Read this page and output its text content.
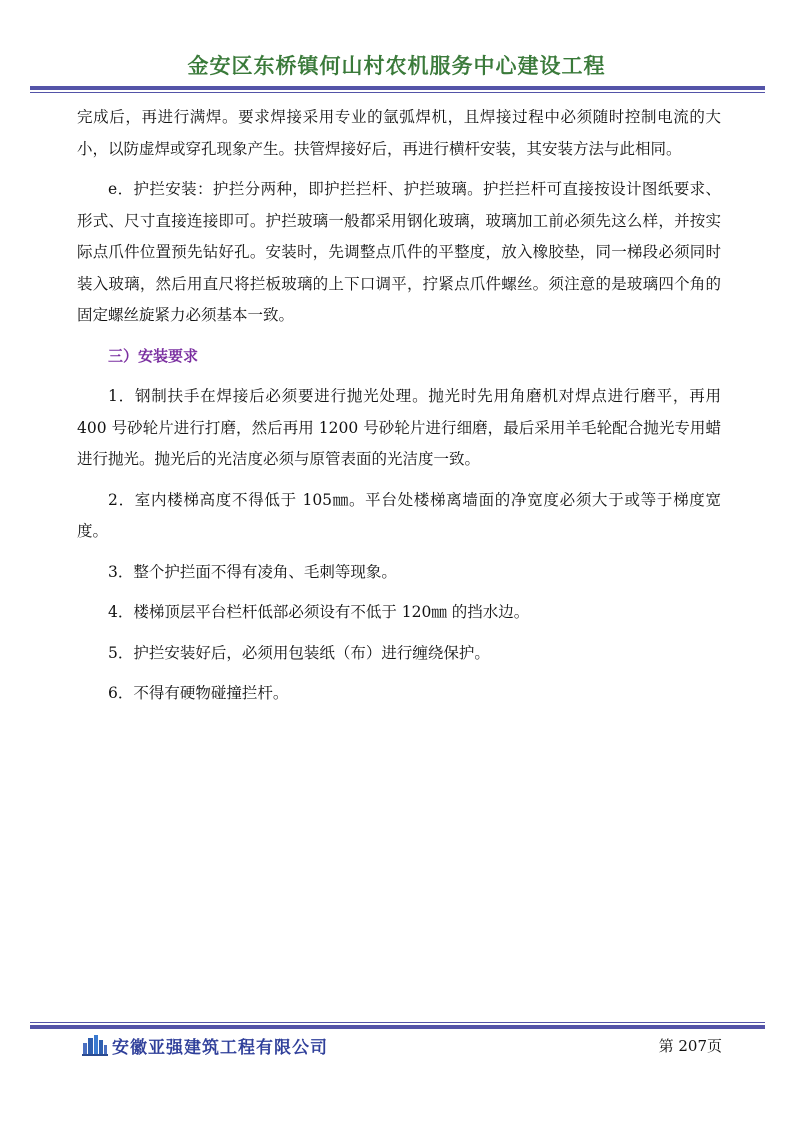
金安区东桥镇何山村农机服务中心建设工程

完成后，再进行满焊。要求焊接采用专业的氩弧焊机，且焊接过程中必须随时控制电流的大小，以防虚焊或穿孔现象产生。扶管焊接好后，再进行横杆安装，其安装方法与此相同。

e．护拦安装：护拦分两种，即护拦拦杆、护拦玻璃。护拦拦杆可直接按设计图纸要求、形式、尺寸直接连接即可。护拦玻璃一般都采用钢化玻璃，玻璃加工前必须先这么样，并按实际点爪件位置预先钻好孔。安装时，先调整点爪件的平整度，放入橡胶垫，同一梯段必须同时装入玻璃，然后用直尺将拦板玻璃的上下口调平，拧紧点爪件螺丝。须注意的是玻璃四个角的固定螺丝旋紧力必须基本一致。

三）安装要求

1．钢制扶手在焊接后必须要进行抛光处理。抛光时先用角磨机对焊点进行磨平，再用 400 号砂轮片进行打磨，然后再用 1200 号砂轮片进行细磨，最后采用羊毛轮配合抛光专用蜡进行抛光。抛光后的光洁度必须与原管表面的光洁度一致。

2．室内楼梯高度不得低于 105㎜。平台处楼梯离墙面的净宽度必须大于或等于梯度宽度。

3．整个护拦面不得有凌角、毛刺等现象。

4．楼梯顶层平台栏杆低部必须设有不低于 120㎜ 的挡水边。

5．护拦安装好后，必须用包装纸（布）进行缠绕保护。

6．不得有硬物碰撞拦杆。

安徽亚强建筑工程有限公司	第 207页
